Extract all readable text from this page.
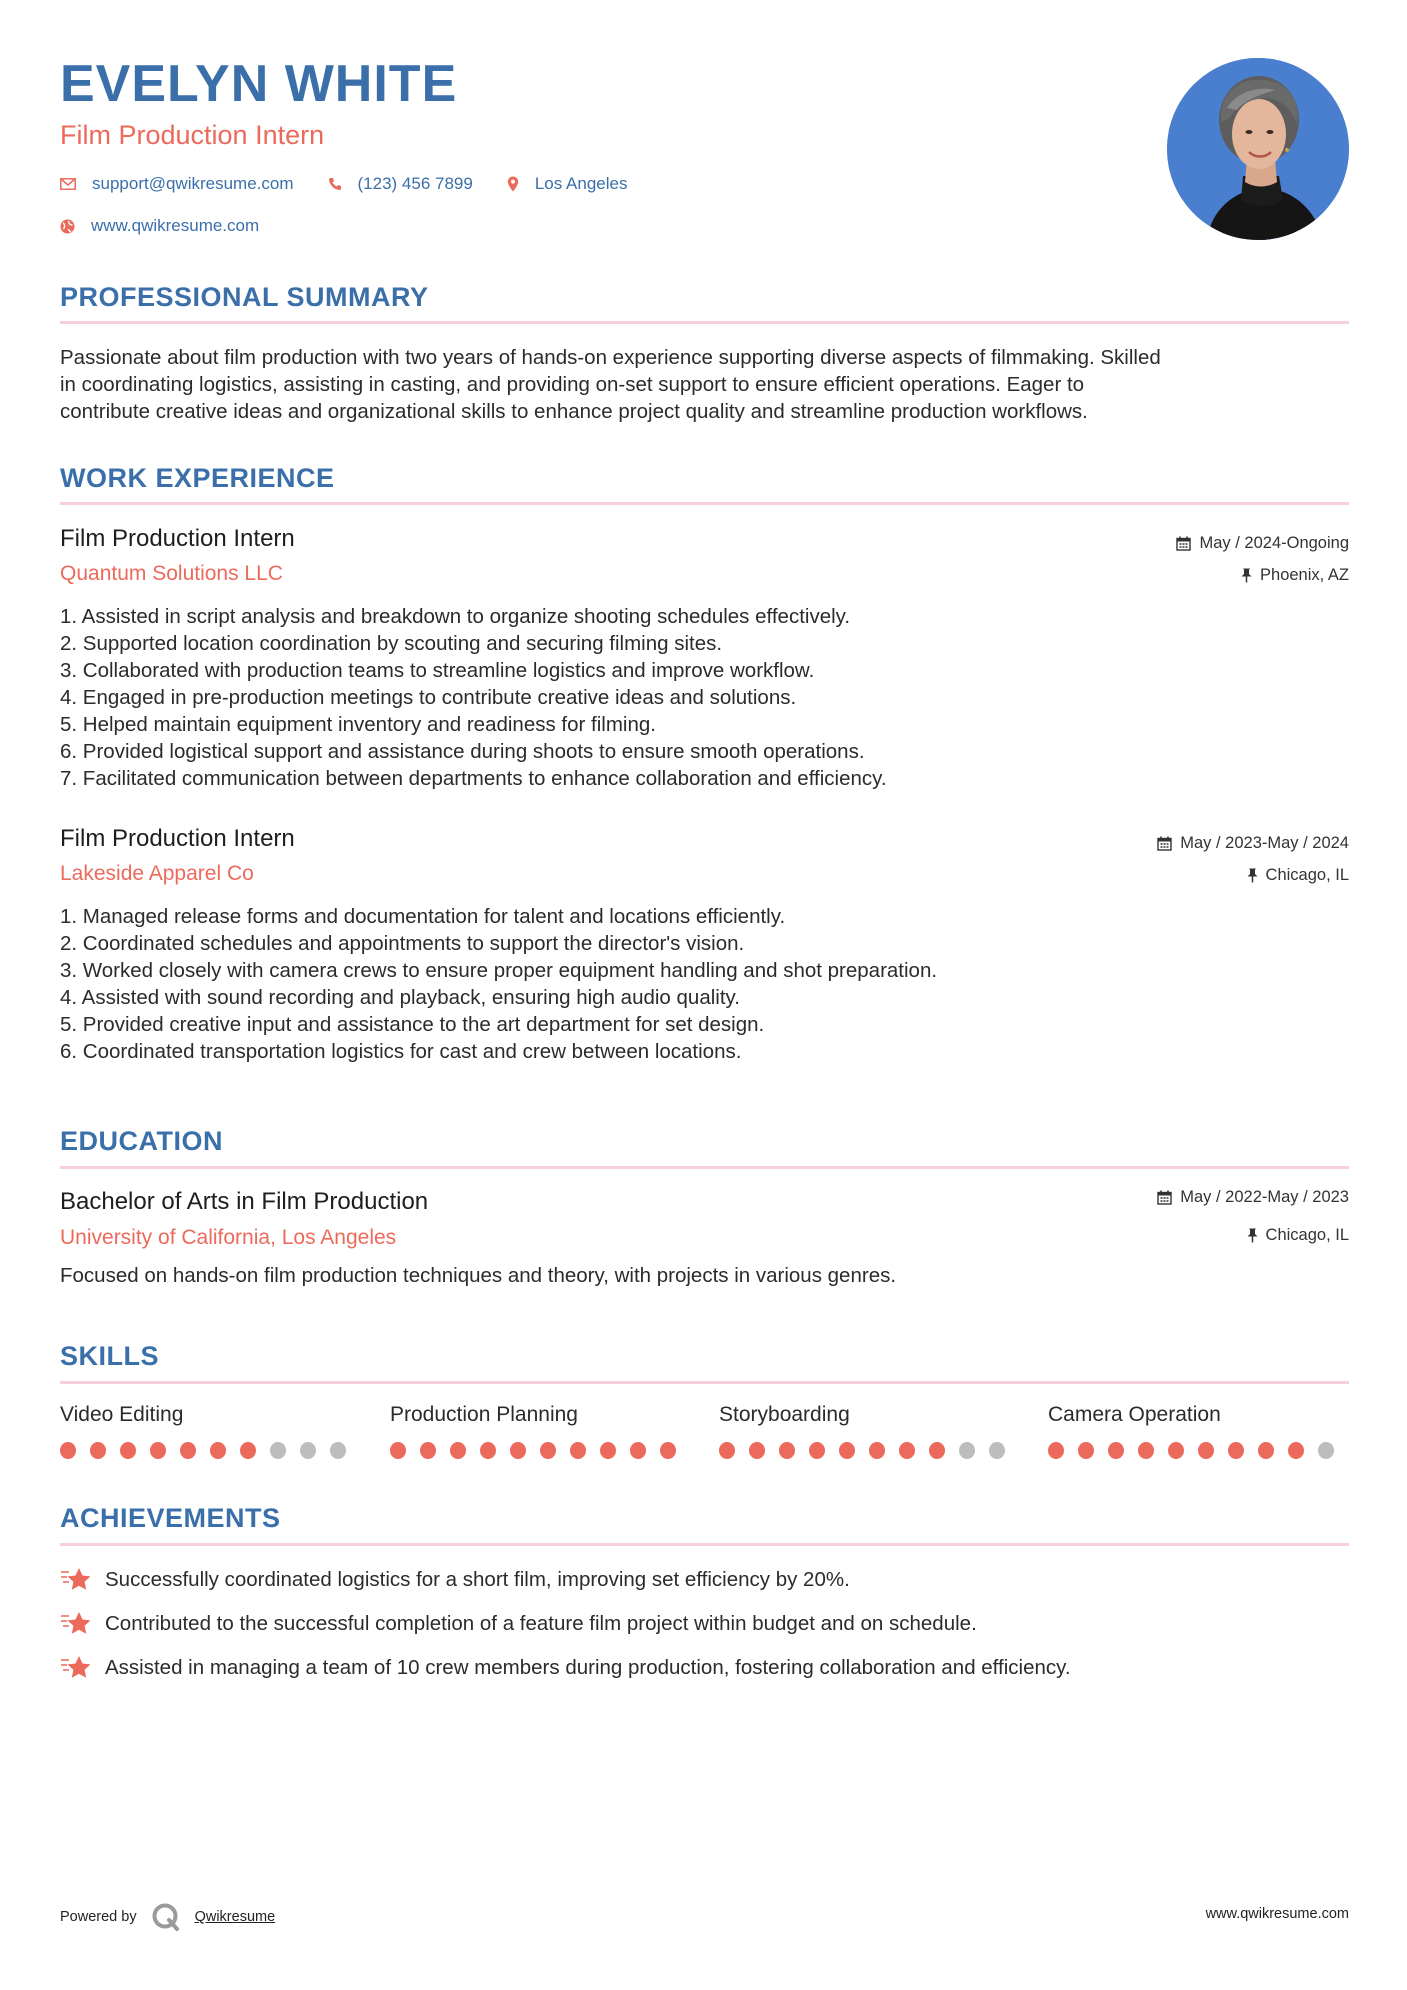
EVELYN WHITE
Film Production Intern
support@qwikresume.com	(123) 456 7899	Los Angeles
www.qwikresume.com
PROFESSIONAL SUMMARY
Passionate about film production with two years of hands-on experience supporting diverse aspects of filmmaking. Skilled
in coordinating logistics, assisting in casting, and providing on-set support to ensure efficient operations. Eager to
contribute creative ideas and organizational skills to enhance project quality and streamline production workflows.
WORK EXPERIENCE
Film Production Intern
Quantum Solutions LLC
May / 2024-Ongoing
Phoenix, AZ
1. Assisted in script analysis and breakdown to organize shooting schedules effectively.
2. Supported location coordination by scouting and securing filming sites.
3. Collaborated with production teams to streamline logistics and improve workflow.
4. Engaged in pre-production meetings to contribute creative ideas and solutions.
5. Helped maintain equipment inventory and readiness for filming.
6. Provided logistical support and assistance during shoots to ensure smooth operations.
7. Facilitated communication between departments to enhance collaboration and efficiency.
Film Production Intern
Lakeside Apparel Co
May / 2023-May / 2024
Chicago, IL
1. Managed release forms and documentation for talent and locations efficiently.
2. Coordinated schedules and appointments to support the director's vision.
3. Worked closely with camera crews to ensure proper equipment handling and shot preparation.
4. Assisted with sound recording and playback, ensuring high audio quality.
5. Provided creative input and assistance to the art department for set design.
6. Coordinated transportation logistics for cast and crew between locations.
EDUCATION
Bachelor of Arts in Film Production
University of California, Los Angeles
May / 2022-May / 2023
Chicago, IL
Focused on hands-on film production techniques and theory, with projects in various genres.
SKILLS
Video Editing	Production Planning	Storyboarding	Camera Operation
ACHIEVEMENTS
Successfully coordinated logistics for a short film, improving set efficiency by 20%.
Contributed to the successful completion of a feature film project within budget and on schedule.
Assisted in managing a team of 10 crew members during production, fostering collaboration and efficiency.
Powered by	Qwikresume	www.qwikresume.com
